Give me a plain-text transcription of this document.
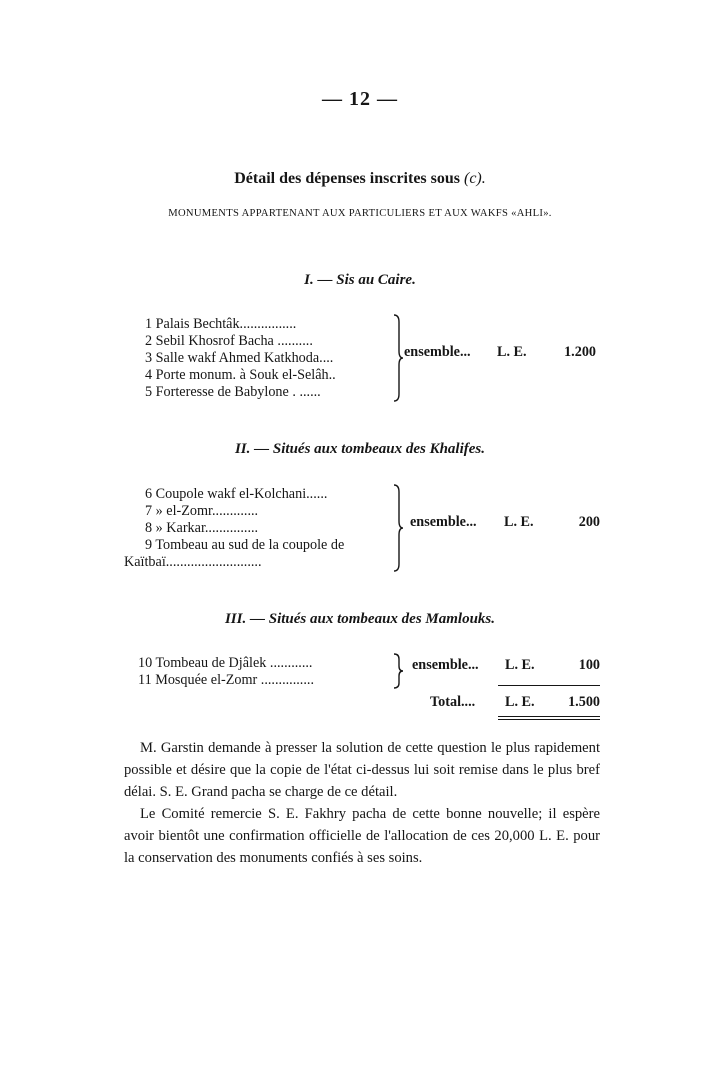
— 12 —
Détail des dépenses inscrites sous (c).
MONUMENTS APPARTENANT AUX PARTICULIERS ET AUX WAKFS «AHLI».
I. — Sis au Caire.
1 Palais Bechtâk................
2 Sebil Khosrof Bacha ..........
3 Salle wakf Ahmed Katkhoda....
4 Porte monum. à Souk el-Selâh..
5 Forteresse de Babylone . ......
ensemble... L. E.	1.200
II. — Situés aux tombeaux des Khalifes.
6 Coupole wakf el-Kolchani......
7 » el-Zomr.............
8 » Karkar...............
9 Tombeau au sud de la coupole de
Kaïtbaï...........................
ensemble... L. E.	200
III. — Situés aux tombeaux des Mamlouks.
10 Tombeau de Djâlek ............
11 Mosquée el-Zomr ...............
ensemble... L. E.	100
Total.... L. E.	1.500

M. Garstin demande à presser la solution de cette question le plus rapidement possible et désire que la copie de l'état ci-dessus lui soit remise dans le plus bref délai. S. E. Grand pacha se charge de ce détail.

Le Comité remercie S. E. Fakhry pacha de cette bonne nouvelle; il espère avoir bientôt une confirmation officielle de l'allocation de ces 20,000 L. E. pour la conservation des monuments confiés à ses soins.
